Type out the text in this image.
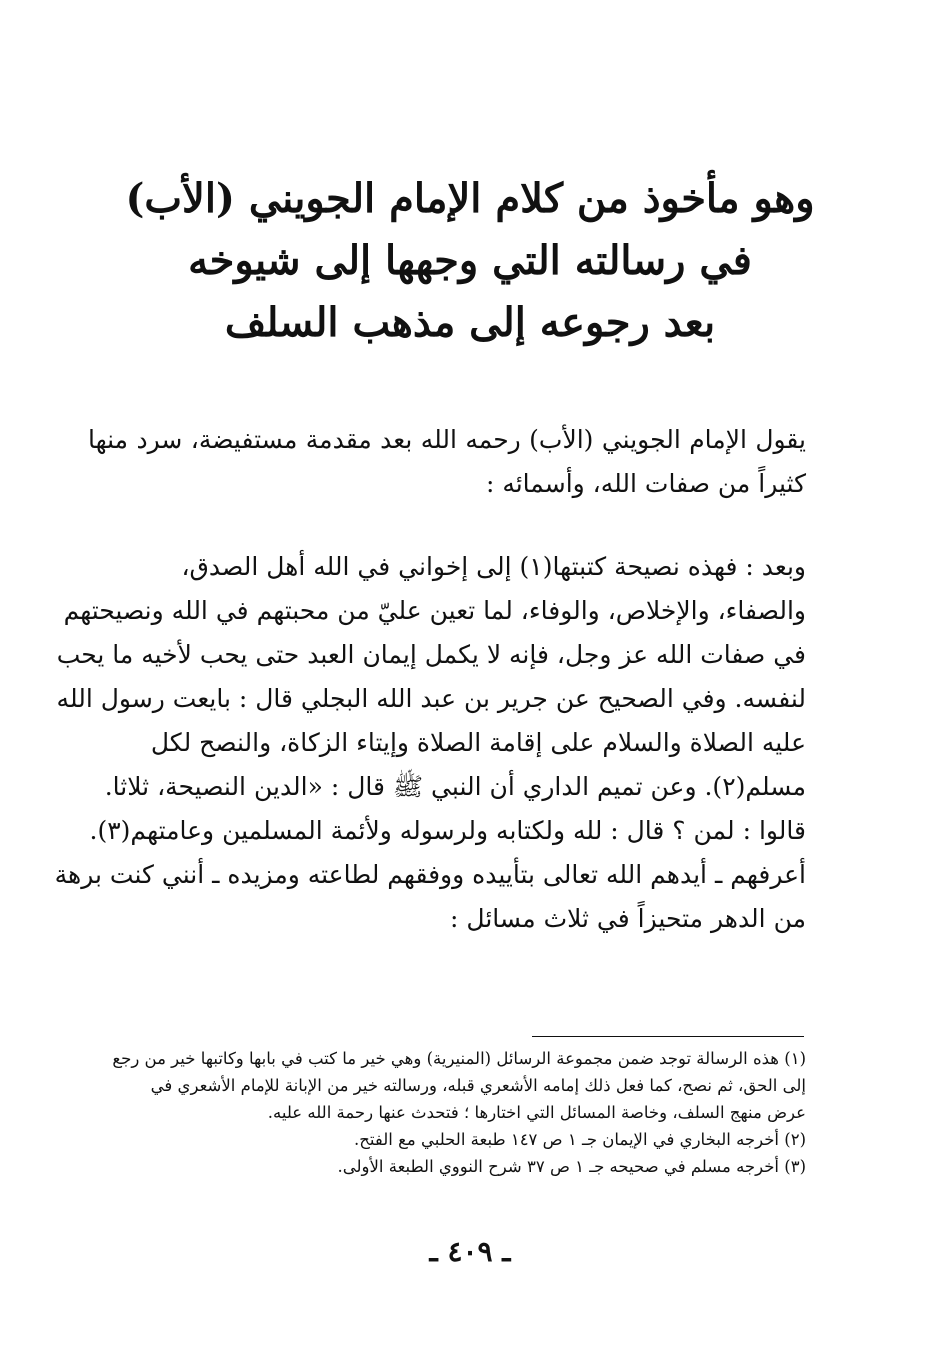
وهو مأخوذ من كلام الإمام الجويني (الأب)
في رسالته التي وجهها إلى شيوخه
بعد رجوعه إلى مذهب السلف

يقول الإمام الجويني (الأب) رحمه الله بعد مقدمة مستفيضة، سرد منها كثيراً من صفات الله، وأسمائه :

وبعد : فهذه نصيحة كتبتها(١) إلى إخواني في الله أهل الصدق،
والصفاء، والإخلاص، والوفاء، لما تعين عليّ من محبتهم في الله ونصيحتهم
في صفات الله عز وجل، فإنه لا يكمل إيمان العبد حتى يحب لأخيه ما يحب
لنفسه. وفي الصحيح عن جرير بن عبد الله البجلي قال : بايعت رسول الله
عليه الصلاة والسلام على إقامة الصلاة وإيتاء الزكاة، والنصح لكل
مسلم(٢). وعن تميم الداري أن النبي ﷺ قال : «الدين النصيحة، ثلاثا.
قالوا : لمن ؟ قال : لله ولكتابه ولرسوله ولأئمة المسلمين وعامتهم(٣).
أعرفهم ـ أيدهم الله تعالى بتأييده ووفقهم لطاعته ومزيده ـ أنني كنت برهة
من الدهر متحيزاً في ثلاث مسائل :
(١) هذه الرسالة توجد ضمن مجموعة الرسائل (المنيرية) وهي خير ما كتب في بابها وكاتبها خير من رجع
إلى الحق، ثم نصح، كما فعل ذلك إمامه الأشعري قبله، ورسالته خير من الإبانة للإمام الأشعري في
عرض منهج السلف، وخاصة المسائل التي اختارها ؛ فتحدث عنها رحمة الله عليه.
(٢) أخرجه البخاري في الإيمان جـ ١ ص ١٤٧ طبعة الحلبي مع الفتح.
(٣) أخرجه مسلم في صحيحه جـ ١ ص ٣٧ شرح النووي الطبعة الأولى.
ـ ٤٠٩ ـ
